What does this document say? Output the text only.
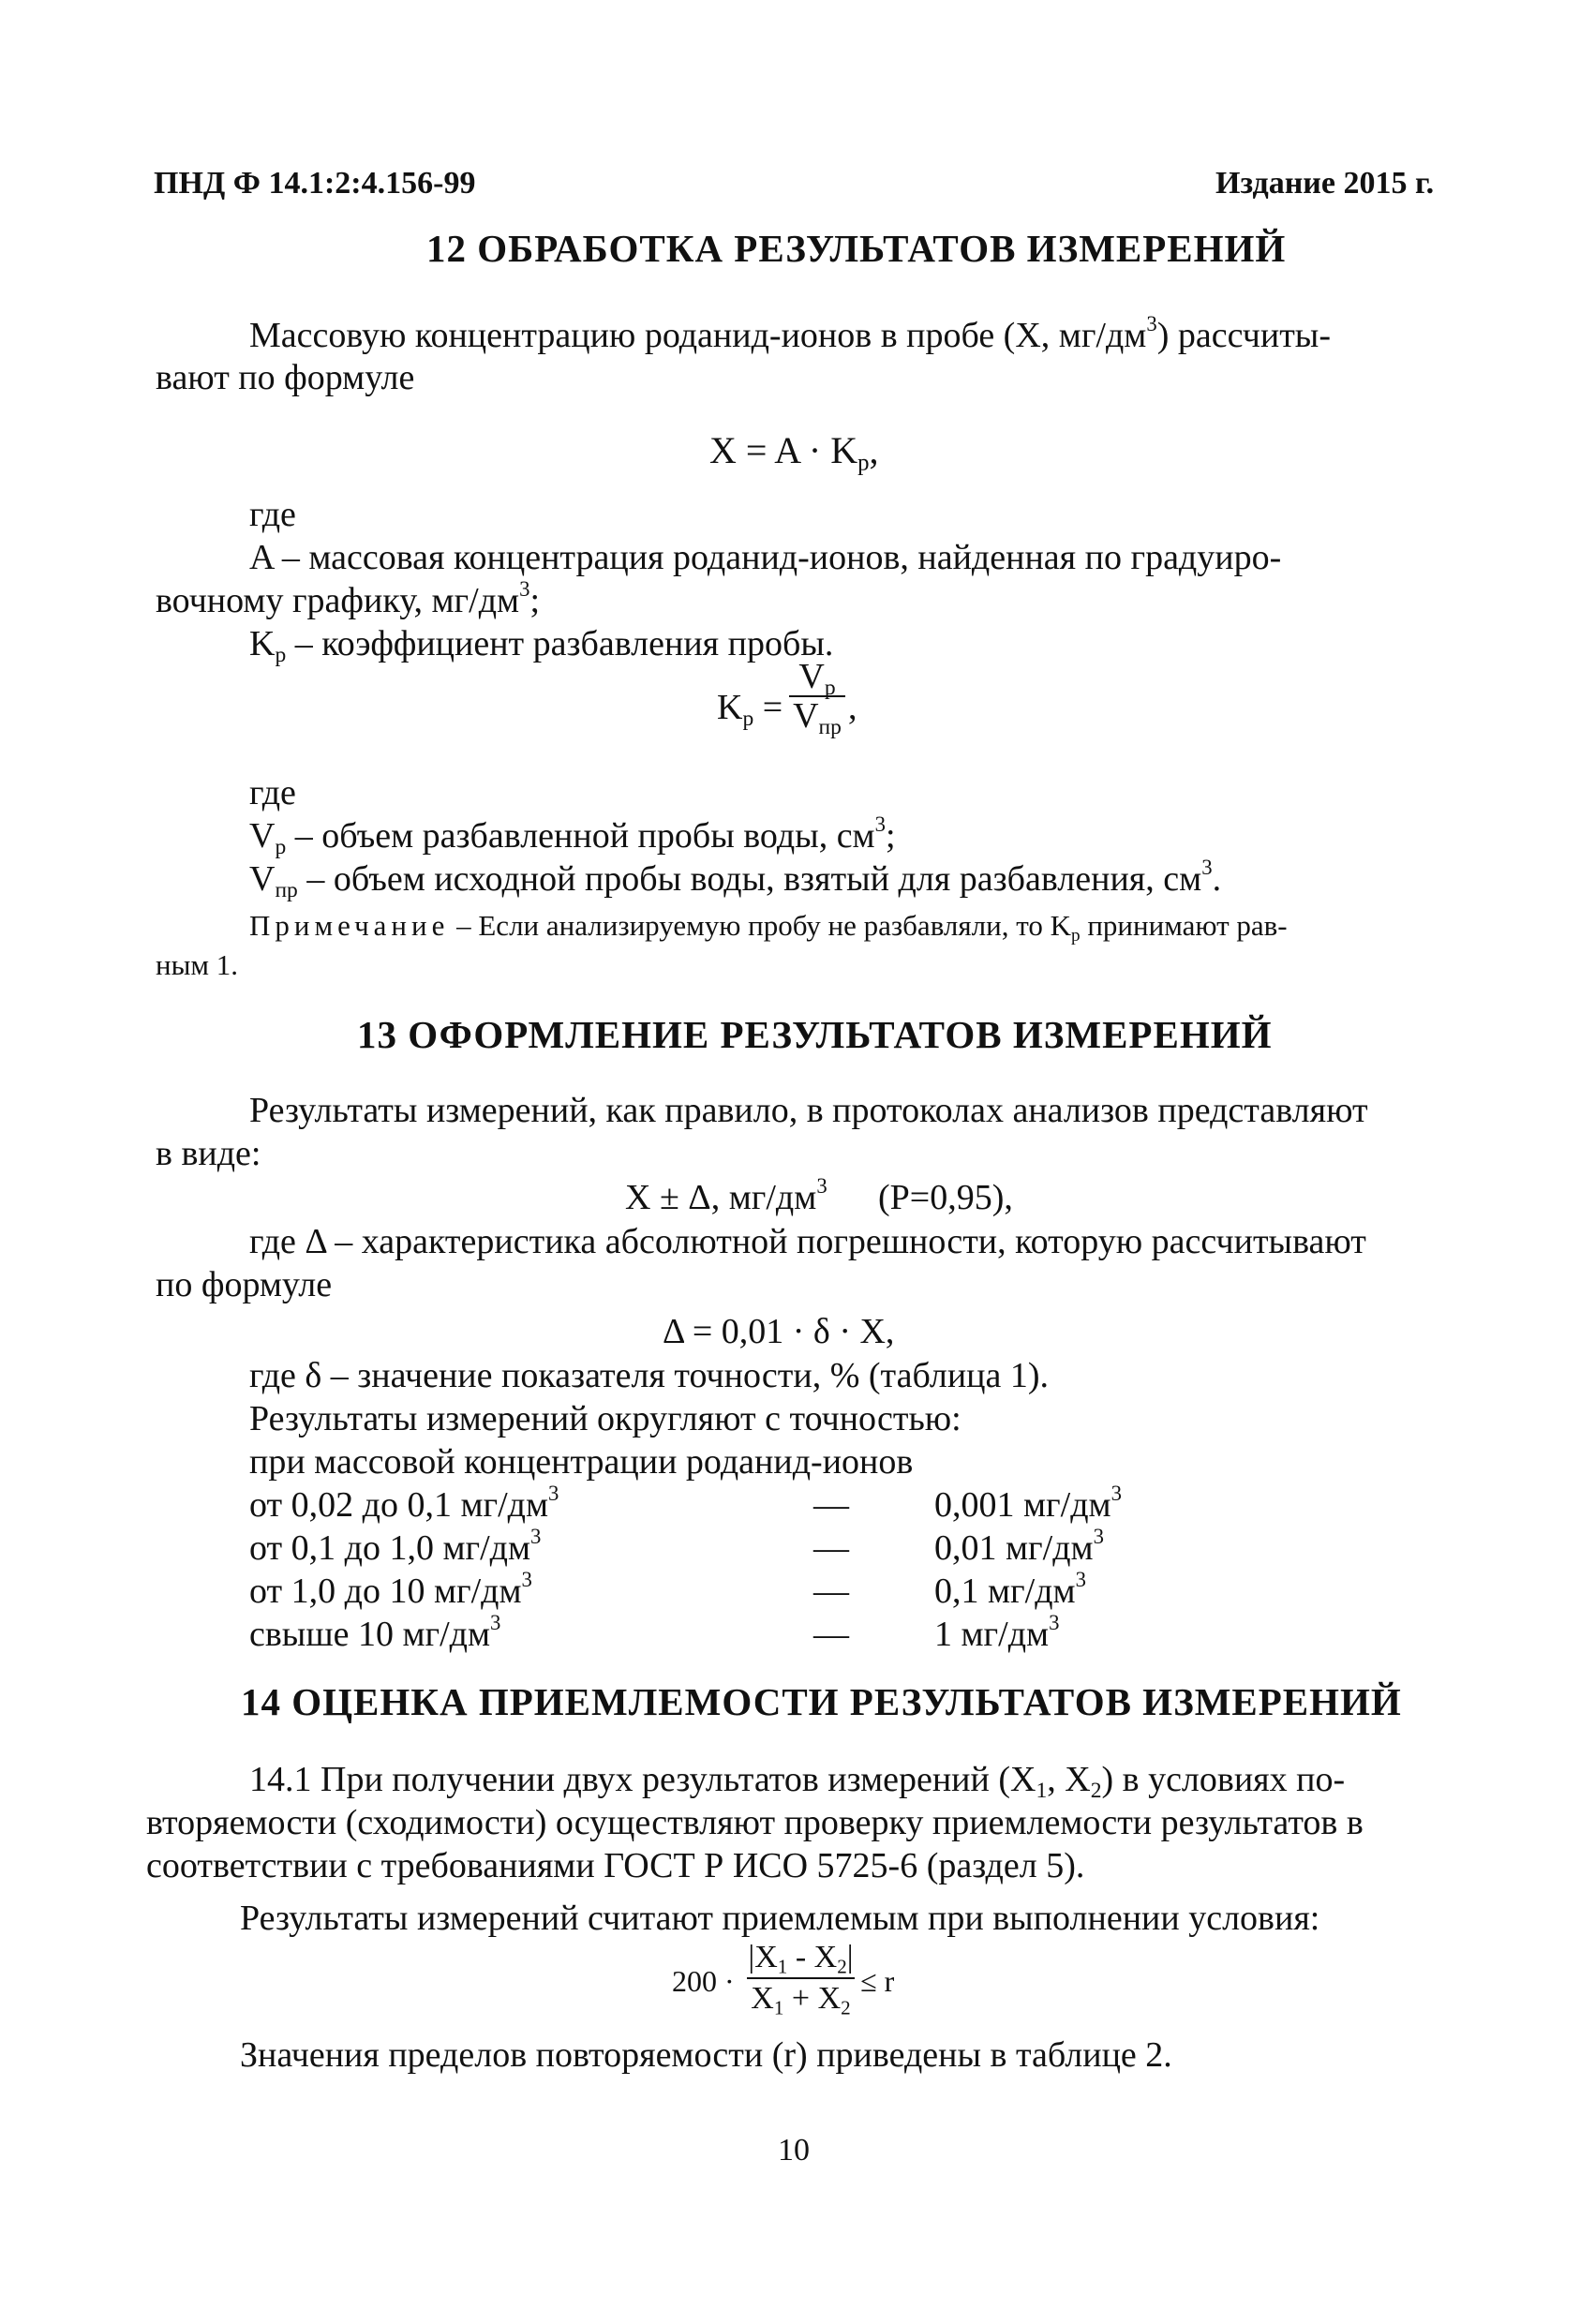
ПНД Ф 14.1:2:4.156-99	Издание 2015 г.
12 ОБРАБОТКА РЕЗУЛЬТАТОВ ИЗМЕРЕНИЙ
Массовую концентрацию роданид-ионов в пробе (X, $мг/дм^3$) рассчиты-
вают по формуле
$X = A \cdot K_p$,
где
A – массовая концентрация роданид-ионов, найденная по градуиро-
вочному графику, $мг/дм^3$;
$K_p$ – коэффициент разбавления пробы.
$K_p$ =
$V_p$
$V_{пр}$
,
где
$V_p$ – объем разбавленной пробы воды, $см^3$;
$V_{пр}$ – объем исходной пробы воды, взятый для разбавления, $см^3$.
Примечание – Если анализируемую пробу не разбавляли, то $K_p$ принимают рав-
ным 1.
13 ОФОРМЛЕНИЕ РЕЗУЛЬТАТОВ ИЗМЕРЕНИЙ
Результаты измерений, как правило, в протоколах анализов представляют
в виде:
X ± Δ, $мг/дм^3$ (P=0,95),
где Δ – характеристика абсолютной погрешности, которую рассчитывают
по формуле
Δ = 0,01 · δ · X,
где δ – значение показателя точности, % (таблица 1).
Результаты измерений округляют с точностью:
при массовой концентрации роданид-ионов
от 0,02 до 0,1 $мг/дм^3$	— 0,001 $мг/дм^3$
от 0,1 до 1,0 $мг/дм^3$	— 0,01 $мг/дм^3$
от 1,0 до 10 $мг/дм^3$	— 0,1 $мг/дм^3$
свыше 10 $мг/дм^3$	— 1 $мг/дм^3$
14 ОЦЕНКА ПРИЕМЛЕМОСТИ РЕЗУЛЬТАТОВ ИЗМЕРЕНИЙ
14.1 При получении двух результатов измерений ($X_1$, $X_2$) в условиях по-
вторяемости (сходимости) осуществляют проверку приемлемости результатов в
соответствии с требованиями ГОСТ Р ИСО 5725-6 (раздел 5).
Результаты измерений считают приемлемым при выполнении условия:
200 ·
$|X_1 - X_2|$
$X_1 + X_2$
≤ r
Значения пределов повторяемости (r) приведены в таблице 2.
10
